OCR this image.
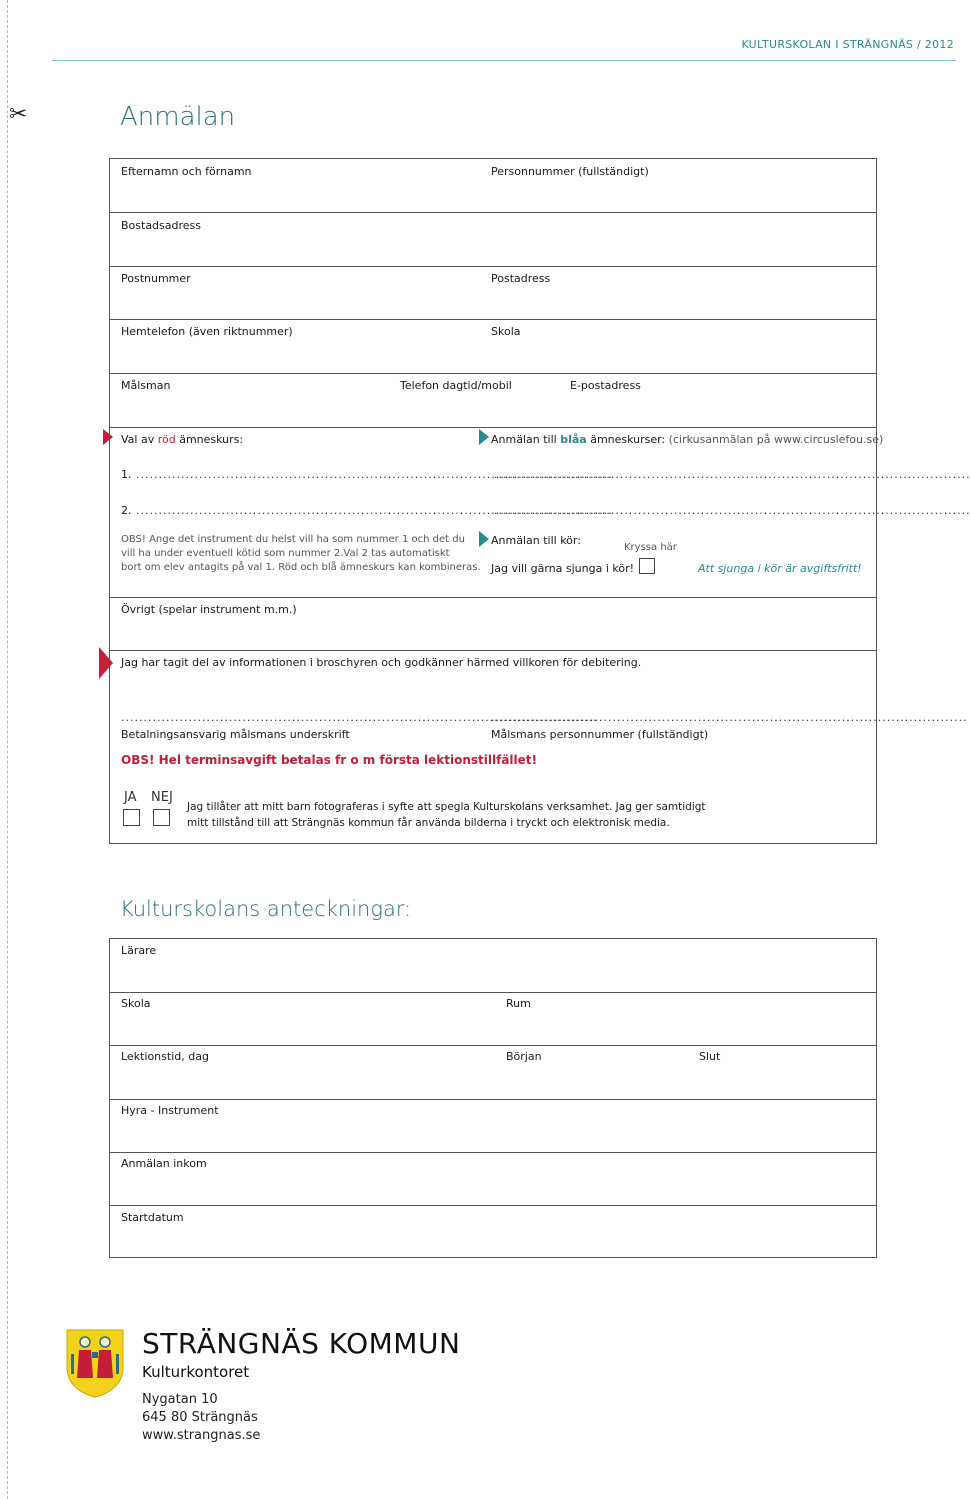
✂
KULTURSKOLAN I STRÄNGNÄS / 2012
Anmälan
Efternamn och förnamn	Personnummer (fullständigt)
Bostadsadress
Postnummer	Postadress
Hemtelefon (även riktnummer)	Skola
Målsman	Telefon dagtid/mobil	E-postadress
Val av röd ämneskurs:	Anmälan till blåa ämneskurser: (cirkusanmälan på www.circuslefou.se)
1. ..........................................................................................................
..........................................................................................................
2. ..........................................................................................................
..........................................................................................................
OBS! Ange det instrument du helst vill ha som nummer 1 och det du
vill ha under eventuell kötid som nummer 2.Val 2 tas automatiskt
bort om elev antagits på val 1. Röd och blå ämneskurs kan kombineras.
Anmälan till kör:
Kryssa här
Jag vill gärna sjunga i kör!	Att sjunga i kör är avgiftsfritt!
Övrigt (spelar instrument m.m.)
Jag har tagit del av informationen i broschyren och godkänner härmed villkoren för debitering.
..........................................................................................................
..........................................................................................................
Betalningsansvarig målsmans underskrift	Målsmans personnummer (fullständigt)
OBS! Hel terminsavgift betalas fr o m första lektionstillfället!
JA NEJ
Jag tillåter att mitt barn fotograferas i syfte att spegla Kulturskolans verksamhet. Jag ger samtidigt
mitt tillstånd till att Strängnäs kommun får använda bilderna i tryckt och elektronisk media.
Kulturskolans anteckningar:
Lärare
Skola	Rum
Lektionstid, dag	Början	Slut
Hyra - Instrument
Anmälan inkom
Startdatum
STRÄNGNÄS KOMMUN
Kulturkontoret
Nygatan 10
645 80 Strängnäs
www.strangnas.se
